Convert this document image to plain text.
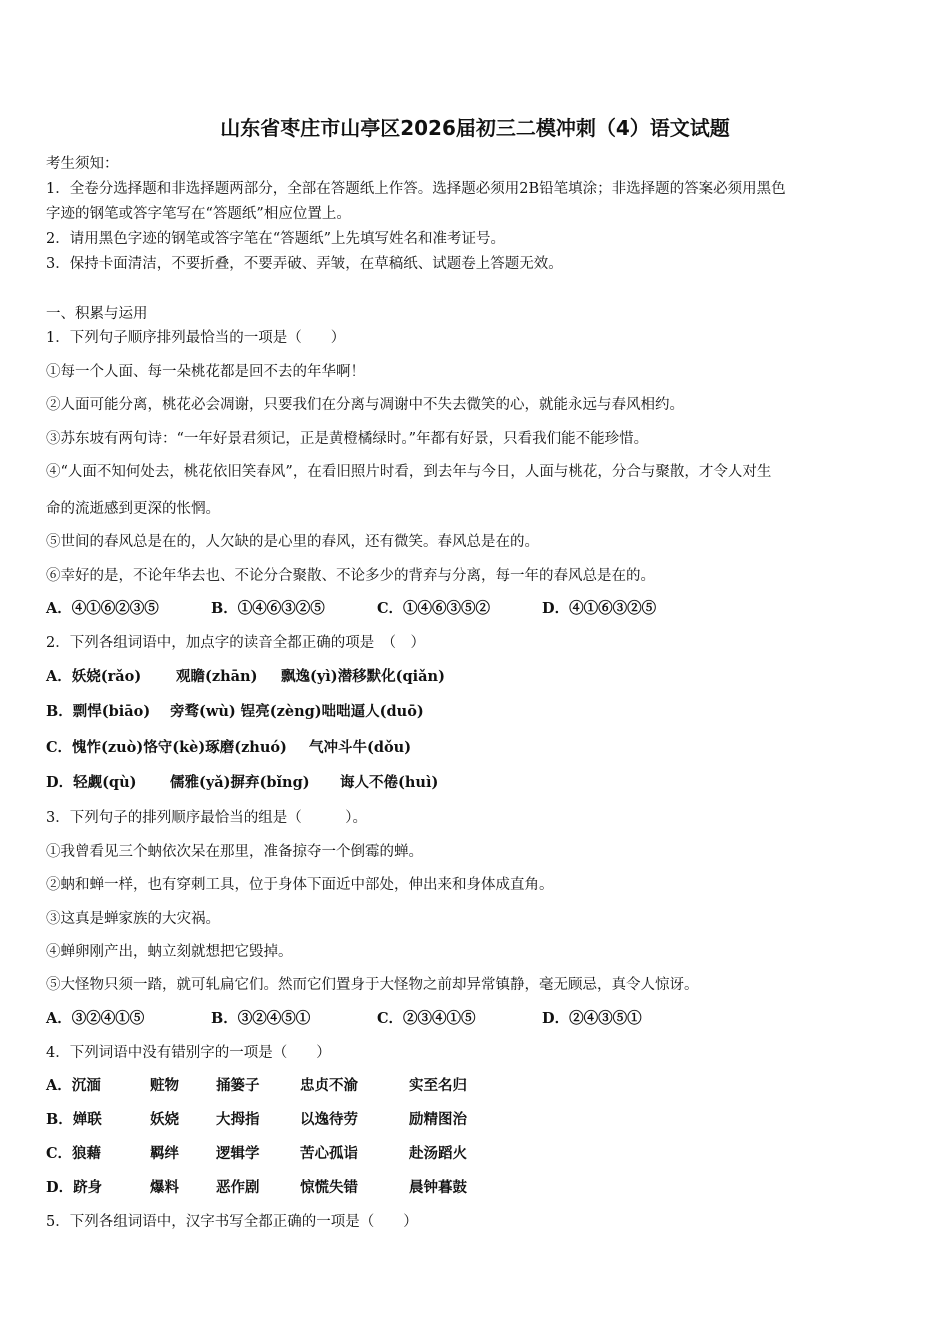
山东省枣庄市山亭区2026届初三二模冲刺（4）语文试题
考生须知：
1．全卷分选择题和非选择题两部分，全部在答题纸上作答。选择题必须用2B铅笔填涂；非选择题的答案必须用黑色
字迹的钢笔或答字笔写在“答题纸”相应位置上。
2．请用黑色字迹的钢笔或答字笔在“答题纸”上先填写姓名和准考证号。
3．保持卡面清洁，不要折叠，不要弄破、弄皱，在草稿纸、试题卷上答题无效。
一、积累与运用
1．下列句子顺序排列最恰当的一项是（　　）
①每一个人面、每一朵桃花都是回不去的年华啊！
②人面可能分离，桃花必会凋谢，只要我们在分离与凋谢中不失去微笑的心，就能永远与春风相约。
③苏东坡有两句诗：“一年好景君须记，正是黄橙橘绿时。”年都有好景，只看我们能不能珍惜。
④“人面不知何处去，桃花依旧笑春风”，在看旧照片时看，到去年与今日，人面与桃花，分合与聚散，才令人对生
命的流逝感到更深的怅惘。
⑤世间的春风总是在的，人欠缺的是心里的春风，还有微笑。春风总是在的。
⑥幸好的是，不论年华去也、不论分合聚散、不论多少的背弃与分离，每一年的春风总是在的。
A．④①⑥②③⑤	B．①④⑥③②⑤	C．①④⑥③⑤②	D．④①⑥③②⑤
2．下列各组词语中，加点字的读音全都正确的项是　（　）
A．妖娆(rǎo) 观瞻(zhān) 飘逸(yì)潜移默化(qiǎn)
B．剽悍(biāo) 旁骛(wù) 锃亮(zèng)咄咄逼人(duō)
C．愧怍(zuò)恪守(kè)琢磨(zhuó) 气冲斗牛(dǒu)
D．轻觑(qù) 儒雅(yǎ)摒弃(bǐng) 诲人不倦(huì)
3．下列句子的排列顺序最恰当的组是（　　　）。
①我曾看见三个蚋依次呆在那里，准备掠夺一个倒霉的蝉。
②蚋和蝉一样，也有穿刺工具，位于身体下面近中部处，伸出来和身体成直角。
③这真是蝉家族的大灾祸。
④蝉卵刚产出，蚋立刻就想把它毁掉。
⑤大怪物只须一踏，就可轧扁它们。然而它们置身于大怪物之前却异常镇静，毫无顾忌，真令人惊讶。
A．③②④①⑤	B．③②④⑤①	C．②③④①⑤	D．②④③⑤①
4．下列词语中没有错别字的一项是（　　）
A．沉湎	赃物	捅篓子	忠贞不渝	实至名归
B．婵联	妖娆	大拇指	以逸待劳	励精图治
C．狼藉	羁绊	逻辑学	苦心孤诣	赴汤蹈火
D．跻身	爆料	恶作剧	惊慌失错	晨钟暮鼓
5．下列各组词语中，汉字书写全都正确的一项是（　　）
